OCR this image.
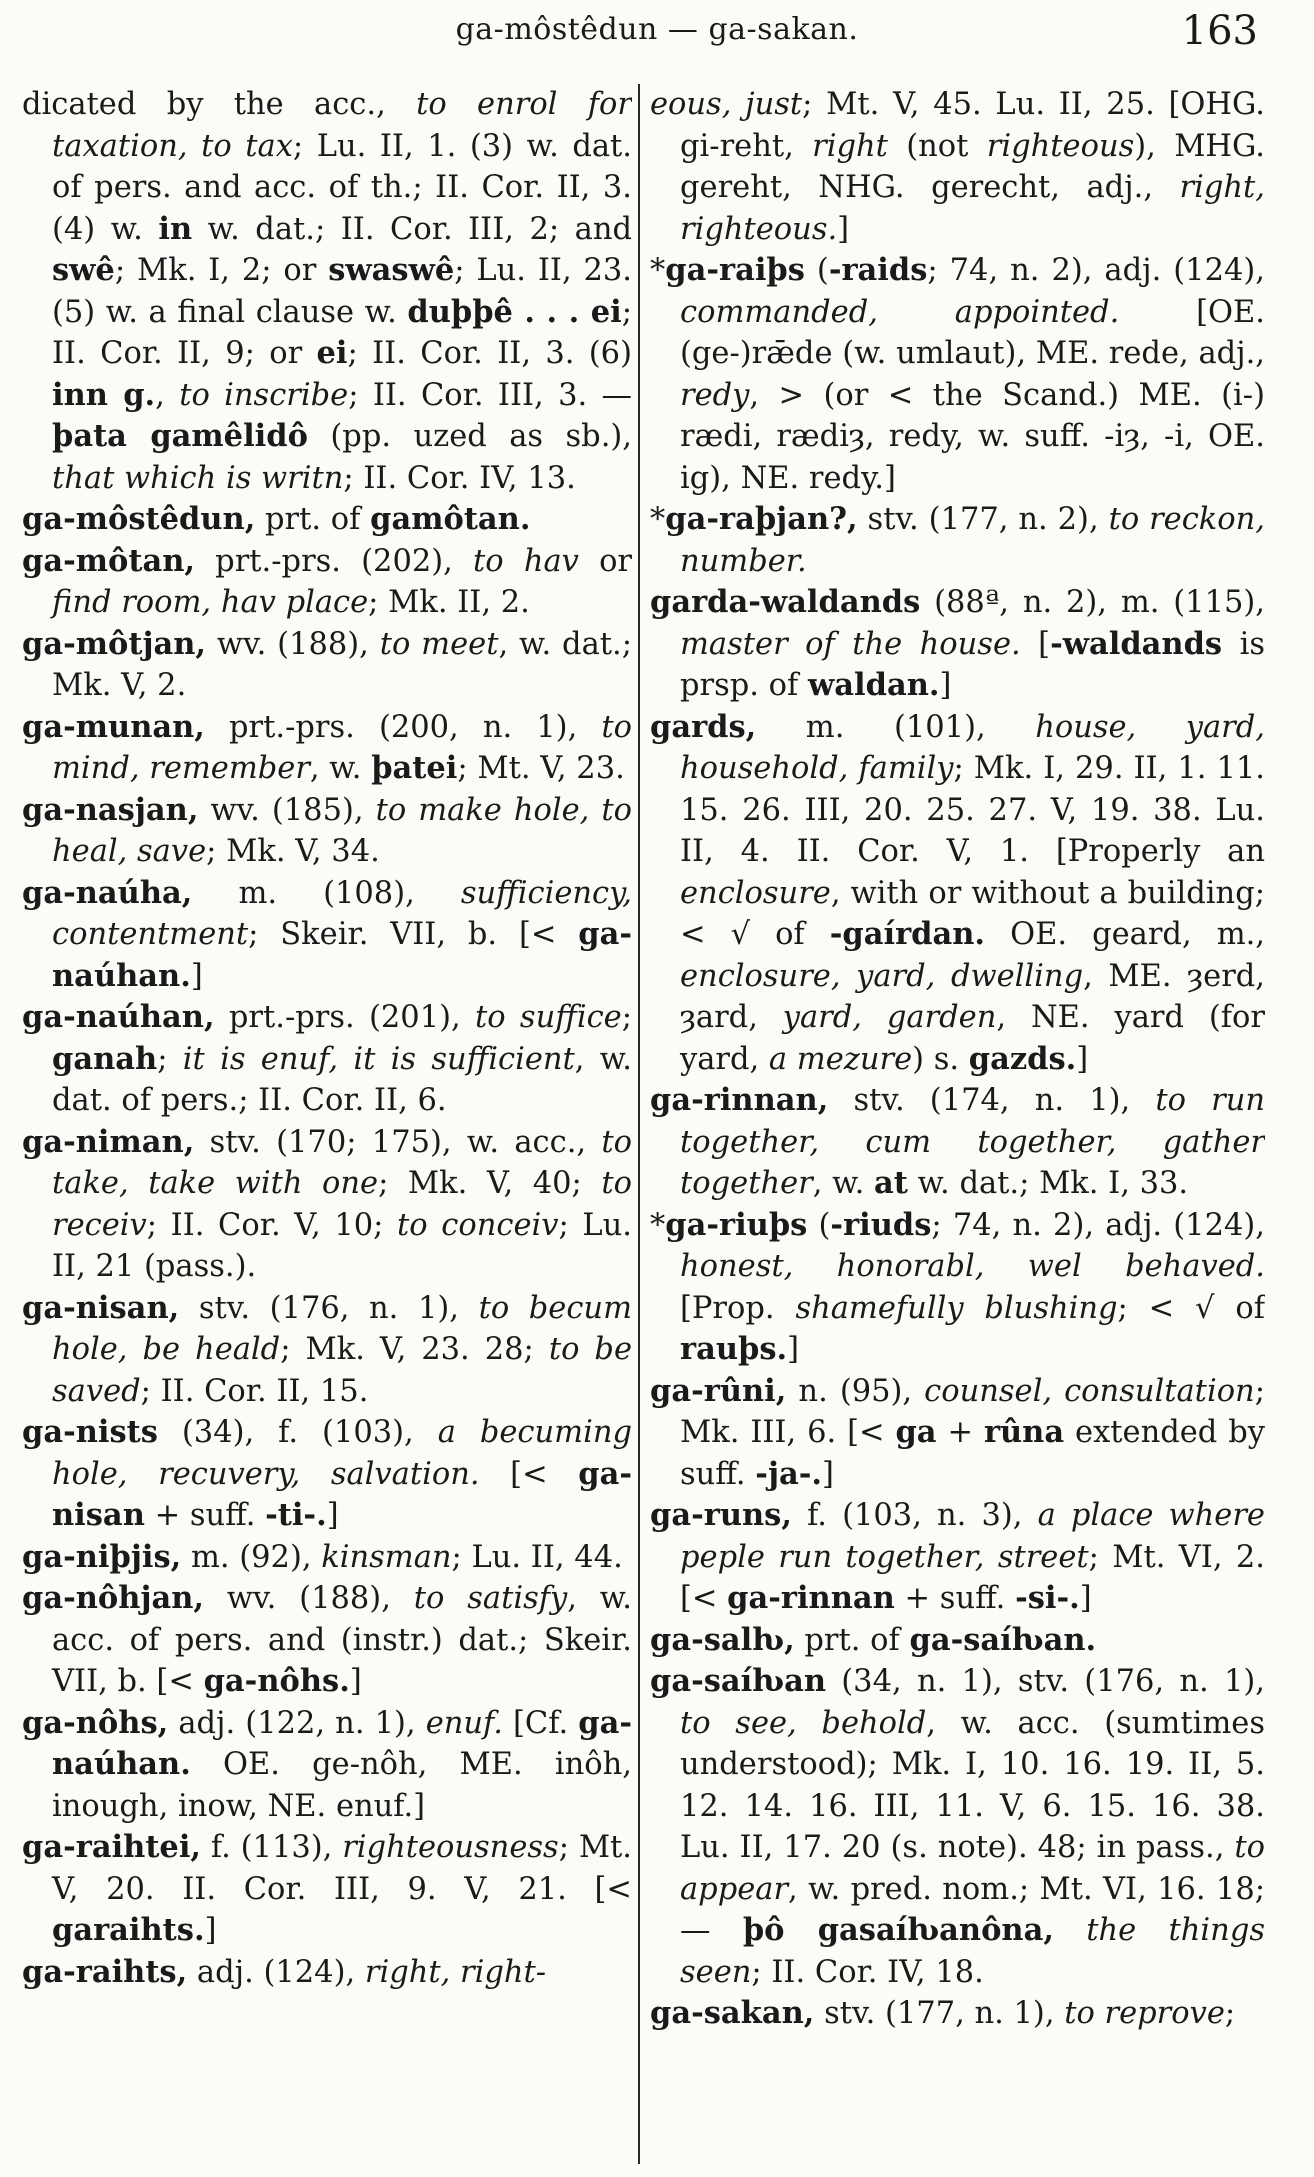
ga-môstêdun — ga-sakan.	163

dicated by the acc., to enrol for taxation, to tax; Lu. II, 1. (3) w. dat. of pers. and acc. of th.; II. Cor. II, 3. (4) w. in w. dat.; II. Cor. III, 2; and swê; Mk. I, 2; or swaswê; Lu. II, 23. (5) w. a final clause w. duþþê . . . ei; II. Cor. II, 9; or ei; II. Cor. II, 3. (6) inn g., to inscribe; II. Cor. III, 3. — þata gamêlidô (pp. uzed as sb.), that which is writn; II. Cor. IV, 13.

ga-môstêdun, prt. of gamôtan.

ga-môtan, prt.-prs. (202), to hav or find room, hav place; Mk. II, 2.

ga-môtjan, wv. (188), to meet, w. dat.; Mk. V, 2.

ga-munan, prt.-prs. (200, n. 1), to mind, remember, w. þatei; Mt. V, 23.

ga-nasjan, wv. (185), to make hole, to heal, save; Mk. V, 34.

ga-naúha, m. (108), sufficiency, contentment; Skeir. VII, b. [< ga-naúhan.]

ga-naúhan, prt.-prs. (201), to suffice; ganah; it is enuf, it is sufficient, w. dat. of pers.; II. Cor. II, 6.

ga-niman, stv. (170; 175), w. acc., to take, take with one; Mk. V, 40; to receiv; II. Cor. V, 10; to conceiv; Lu. II, 21 (pass.).

ga-nisan, stv. (176, n. 1), to becum hole, be heald; Mk. V, 23. 28; to be saved; II. Cor. II, 15.

ga-nists (34), f. (103), a becuming hole, recuvery, salvation. [< ga-nisan + suff. -ti-.]

ga-niþjis, m. (92), kinsman; Lu. II, 44.

ga-nôhjan, wv. (188), to satisfy, w. acc. of pers. and (instr.) dat.; Skeir. VII, b. [< ga-nôhs.]

ga-nôhs, adj. (122, n. 1), enuf. [Cf. ga-naúhan. OE. ge-nôh, ME. inôh, inough, inow, NE. enuf.]

ga-raihtei, f. (113), righteousness; Mt. V, 20. II. Cor. III, 9. V, 21. [< garaihts.]

ga-raihts, adj. (124), right, right-

eous, just; Mt. V, 45. Lu. II, 25. [OHG. gi-reht, right (not righteous), MHG. gereht, NHG. gerecht, adj., right, righteous.]

*ga-raiþs (-raids; 74, n. 2), adj. (124), commanded, appointed. [OE. (ge-)rǣde (w. umlaut), ME. rede, adj., redy, > (or < the Scand.) ME. (i-) rædi, rædiȝ, redy, w. suff. -iȝ, -i, OE. ig), NE. redy.]

*ga-raþjan?, stv. (177, n. 2), to reckon, number.

garda-waldands (88ª, n. 2), m. (115), master of the house. [-waldands is prsp. of waldan.]

gards, m. (101), house, yard, household, family; Mk. I, 29. II, 1. 11. 15. 26. III, 20. 25. 27. V, 19. 38. Lu. II, 4. II. Cor. V, 1. [Properly an enclosure, with or without a building; < √ of -gaírdan. OE. geard, m., enclosure, yard, dwelling, ME. ȝerd, ȝard, yard, garden, NE. yard (for yard, a mezure) s. gazds.]

ga-rinnan, stv. (174, n. 1), to run together, cum together, gather together, w. at w. dat.; Mk. I, 33.

*ga-riuþs (-riuds; 74, n. 2), adj. (124), honest, honorabl, wel behaved. [Prop. shamefully blushing; < √ of rauþs.]

ga-rûni, n. (95), counsel, consultation; Mk. III, 6. [< ga + rûna extended by suff. -ja-.]

ga-runs, f. (103, n. 3), a place where peple run together, street; Mt. VI, 2. [< ga-rinnan + suff. -si-.]

ga-salƕ, prt. of ga-saíƕan.

ga-saíƕan (34, n. 1), stv. (176, n. 1), to see, behold, w. acc. (sumtimes understood); Mk. I, 10. 16. 19. II, 5. 12. 14. 16. III, 11. V, 6. 15. 16. 38. Lu. II, 17. 20 (s. note). 48; in pass., to appear, w. pred. nom.; Mt. VI, 16. 18; — þô gasaíƕanôna, the things seen; II. Cor. IV, 18.

ga-sakan, stv. (177, n. 1), to reprove;
